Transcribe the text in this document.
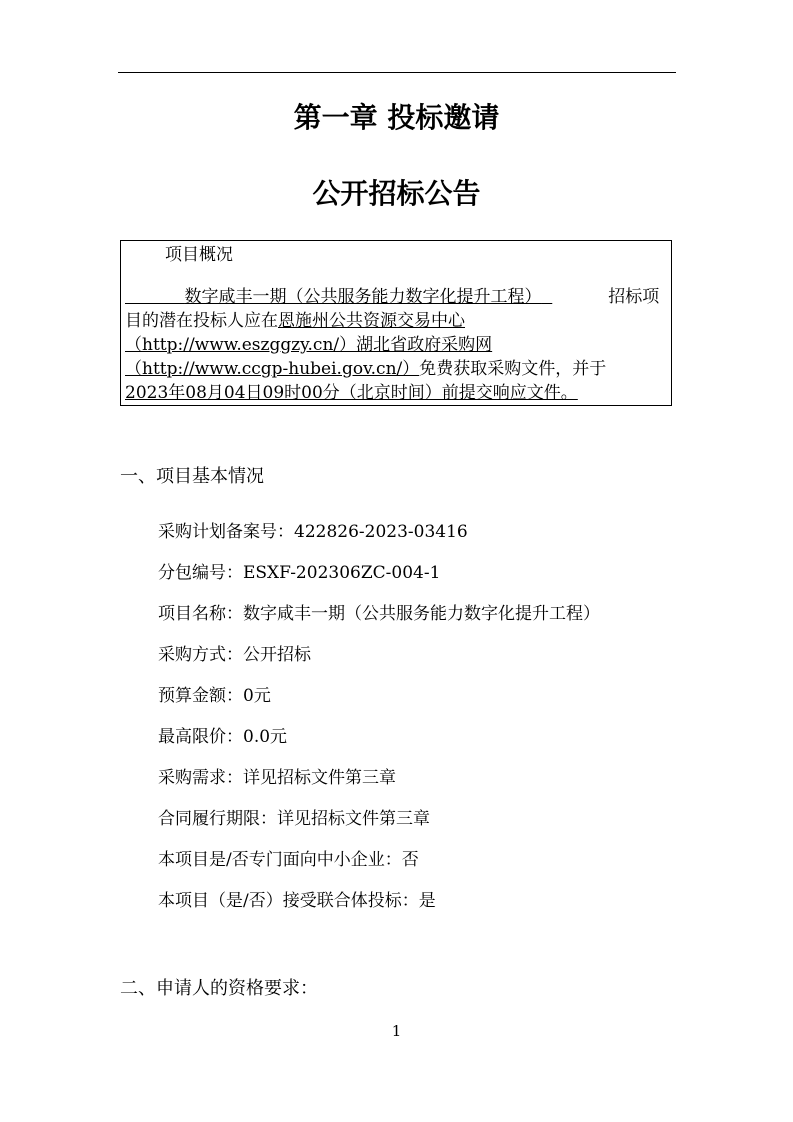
第一章 投标邀请
公开招标公告
项目概况
数字咸丰一期（公共服务能力数字化提升工程）	招标项
目的潜在投标人应在恩施州公共资源交易中心
（http://www.eszggzy.cn/）湖北省政府采购网
（http://www.ccgp-hubei.gov.cn/）免费获取采购文件，并于
2023年08月04日09时00分（北京时间）前提交响应文件。
一、项目基本情况
采购计划备案号：422826-2023-03416
分包编号：ESXF-202306ZC-004-1
项目名称：数字咸丰一期（公共服务能力数字化提升工程）
采购方式：公开招标
预算金额：0元
最高限价：0.0元
采购需求：详见招标文件第三章
合同履行期限：详见招标文件第三章
本项目是/否专门面向中小企业：否
本项目（是/否）接受联合体投标：是
二、申请人的资格要求：
1
